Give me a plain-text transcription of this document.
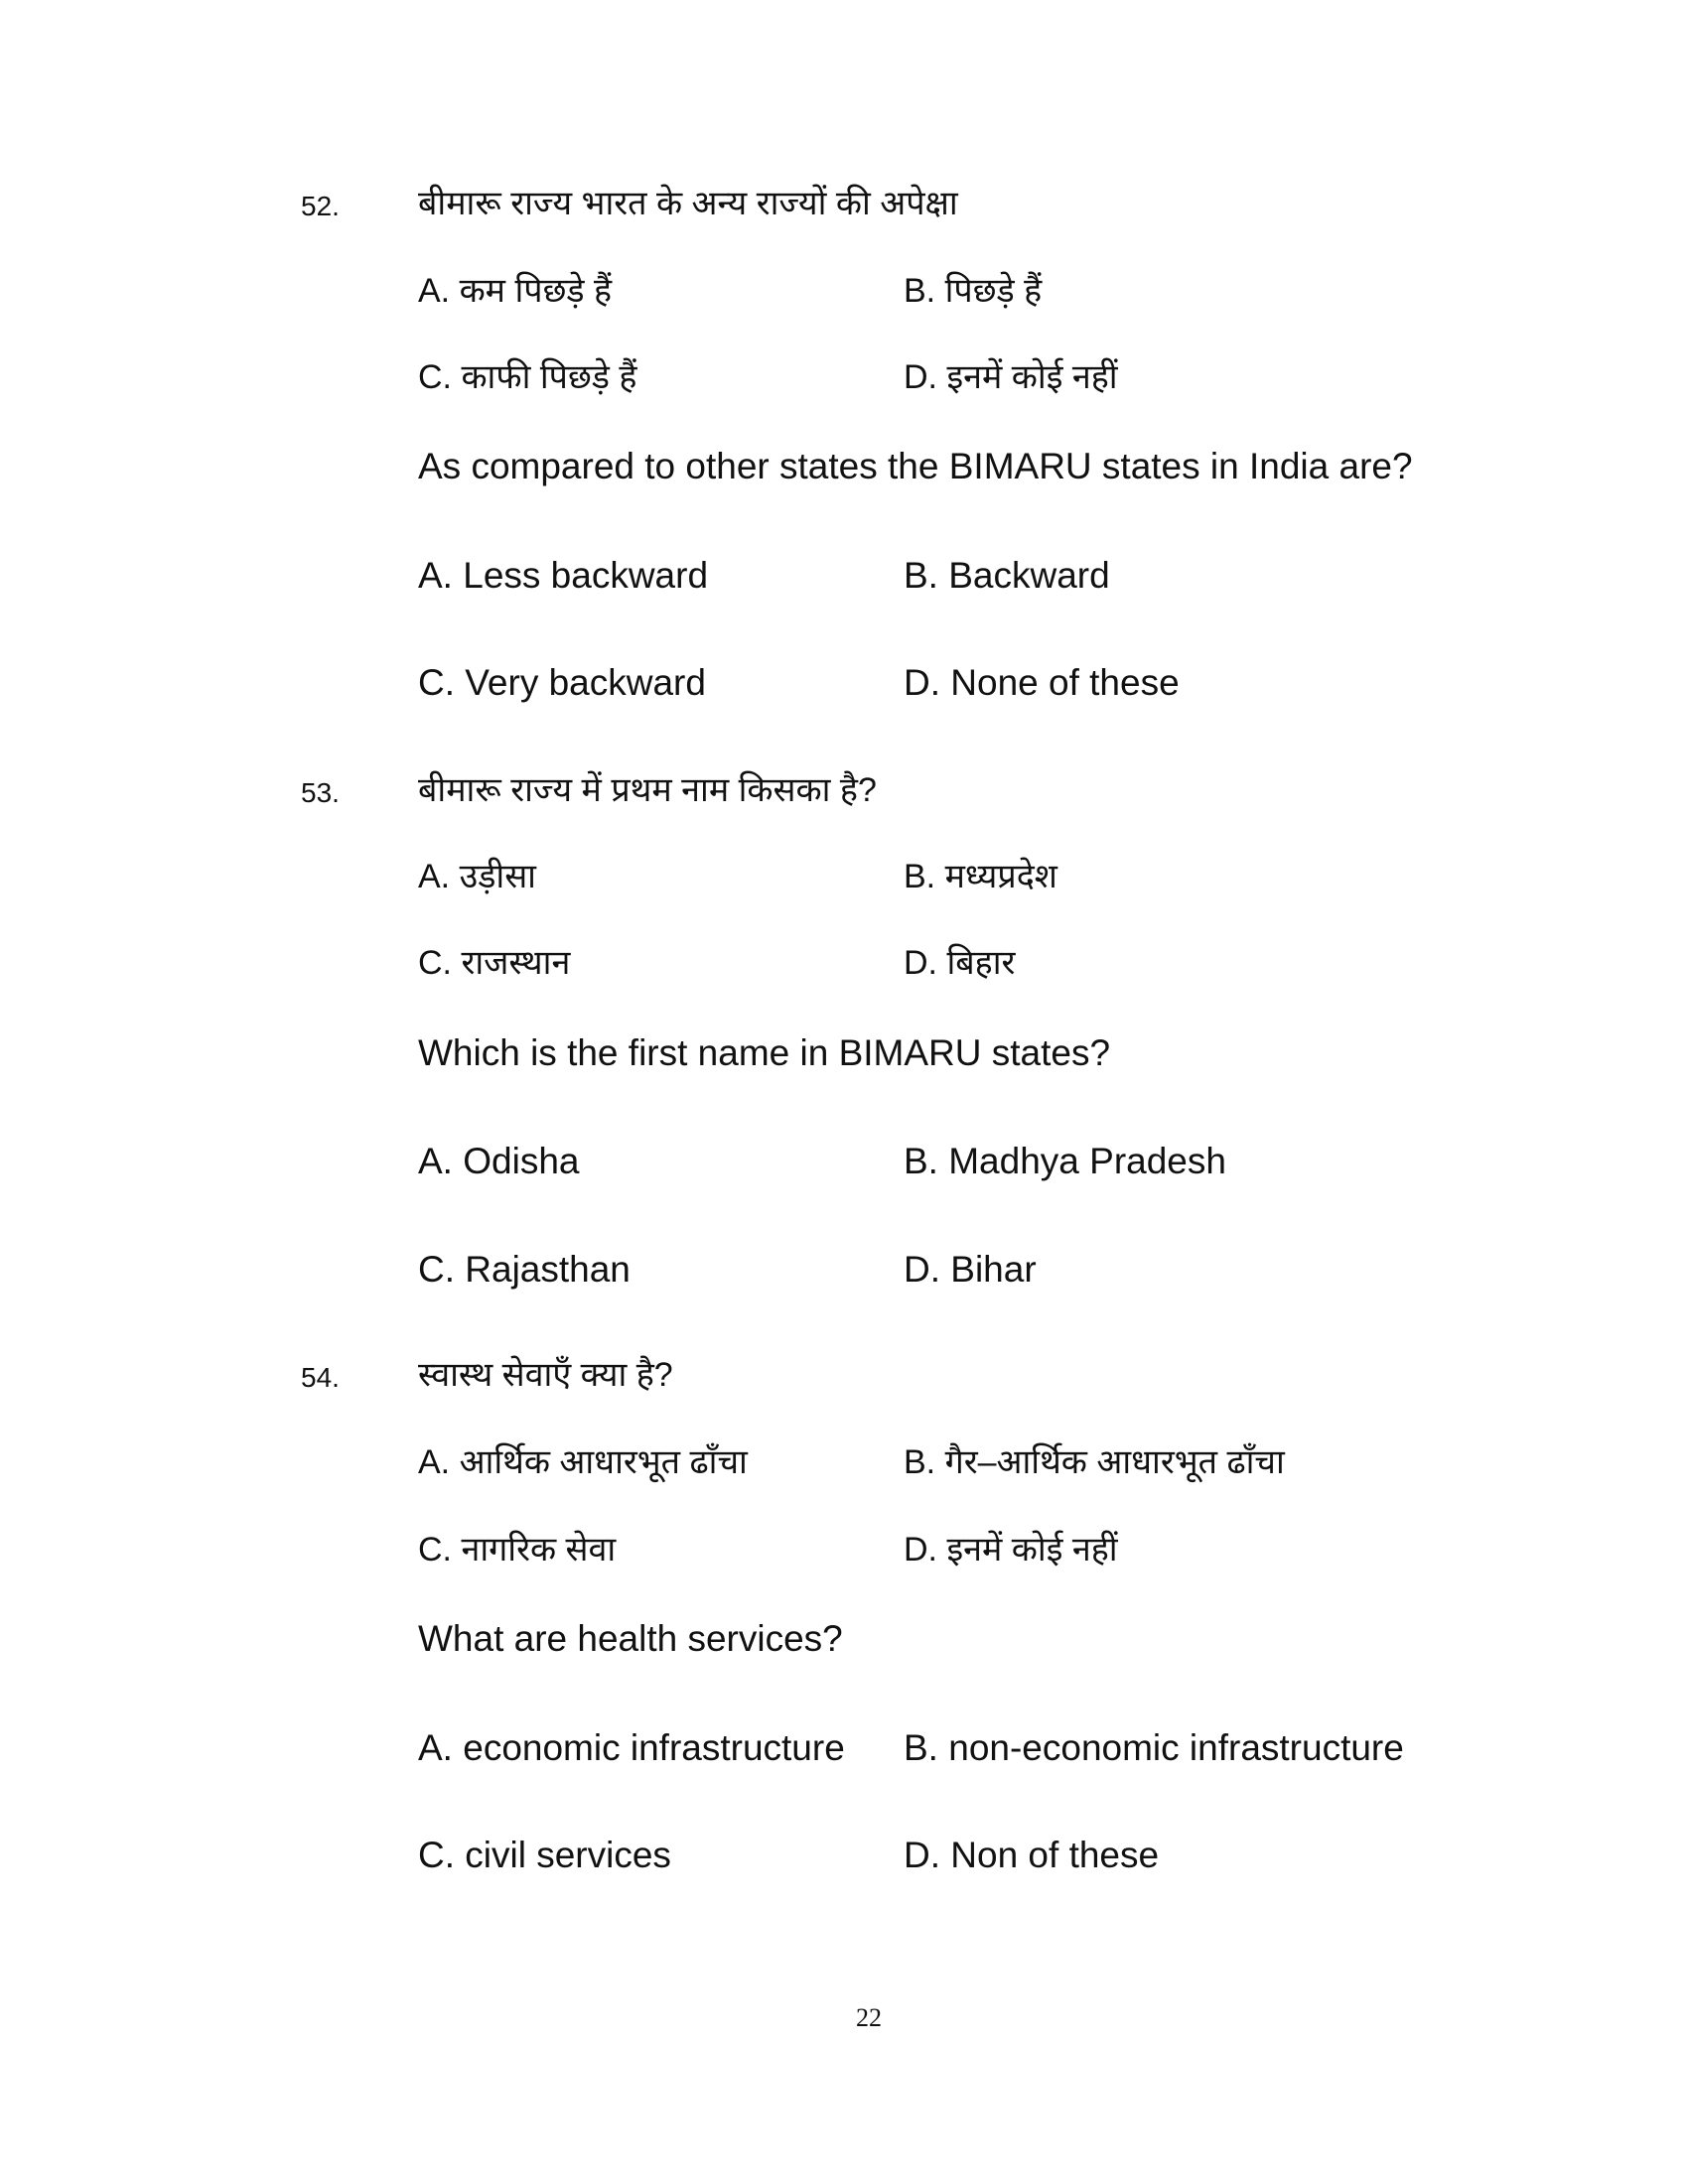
52. बीमारू राज्य भारत के अन्य राज्यों की अपेक्षा
A. कम पिछड़े हैं	B. पिछड़े हैं
C. काफी पिछड़े हैं	D. इनमें कोई नहीं
As compared to other states the BIMARU states in India are?
A. Less backward	B. Backward
C. Very backward	D. None of these
53. बीमारू राज्य में प्रथम नाम किसका है?
A. उड़ीसा	B. मध्यप्रदेश
C. राजस्थान	D. बिहार
Which is the first name in BIMARU states?
A. Odisha	B. Madhya Pradesh
C. Rajasthan	D. Bihar
54. स्वास्थ सेवाएँ क्या है?
A. आर्थिक आधारभूत ढाँचा	B. गैर–आर्थिक आधारभूत ढाँचा
C. नागरिक सेवा	D. इनमें कोई नहीं
What are health services?
A. economic infrastructure B. non-economic infrastructure
C. civil services	D. Non of these
22
